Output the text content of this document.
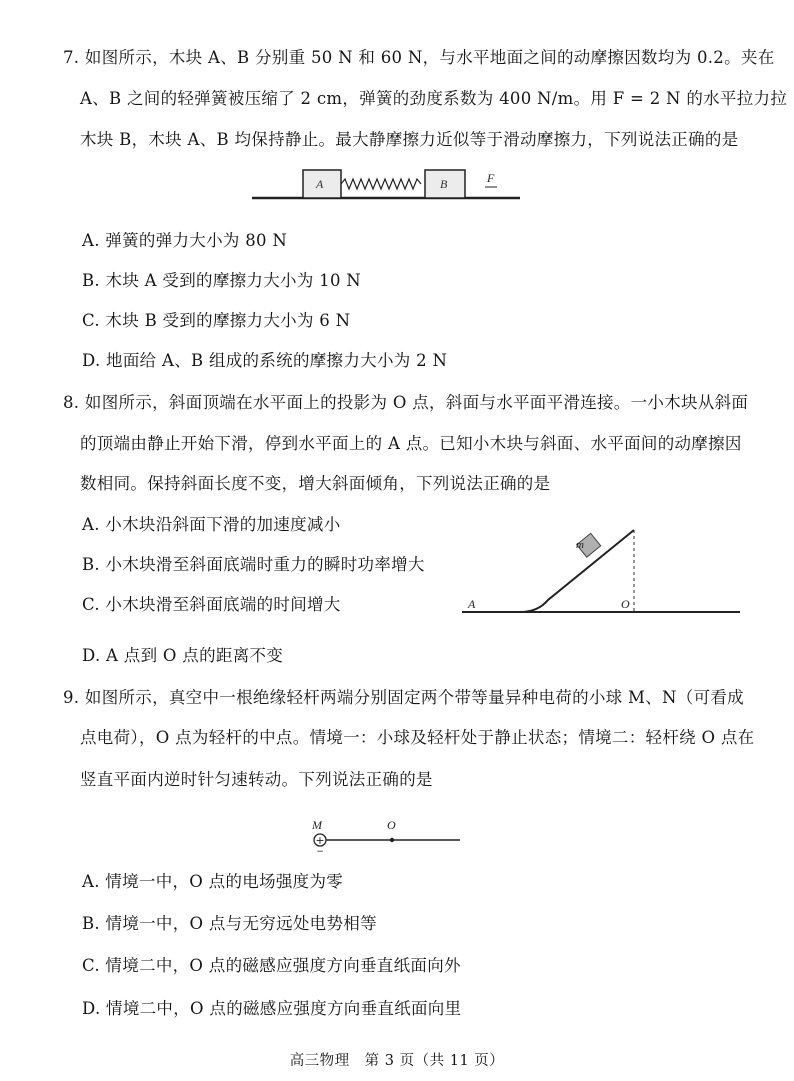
7. 如图所示，木块 A、B 分别重 50 N 和 60 N，与水平地面之间的动摩擦因数均为 0.2。夹在
A、B 之间的轻弹簧被压缩了 2 cm，弹簧的劲度系数为 400 N/m。用 F = 2 N 的水平拉力拉
木块 B，木块 A、B 均保持静止。最大静摩擦力近似等于滑动摩擦力，下列说法正确的是
A	B	F
A. 弹簧的弹力大小为 80 N
B. 木块 A 受到的摩擦力大小为 10 N
C. 木块 B 受到的摩擦力大小为 6 N
D. 地面给 A、B 组成的系统的摩擦力大小为 2 N
8. 如图所示，斜面顶端在水平面上的投影为 O 点，斜面与水平面平滑连接。一小木块从斜面
的顶端由静止开始下滑，停到水平面上的 A 点。已知小木块与斜面、水平面间的动摩擦因
数相同。保持斜面长度不变，增大斜面倾角，下列说法正确的是
A. 小木块沿斜面下滑的加速度减小
B. 小木块滑至斜面底端时重力的瞬时功率增大
C. 小木块滑至斜面底端的时间增大
m
A	O
D. A 点到 O 点的距离不变
9. 如图所示，真空中一根绝缘轻杆两端分别固定两个带等量异种电荷的小球 M、N（可看成
点电荷），O 点为轻杆的中点。情境一：小球及轻杆处于静止状态；情境二：轻杆绕 O 点在
竖直平面内逆时针匀速转动。下列说法正确的是
M	O
+
−
A. 情境一中，O 点的电场强度为零
B. 情境一中，O 点与无穷远处电势相等
C. 情境二中，O 点的磁感应强度方向垂直纸面向外
D. 情境二中，O 点的磁感应强度方向垂直纸面向里
高三物理　第 3 页（共 11 页）
